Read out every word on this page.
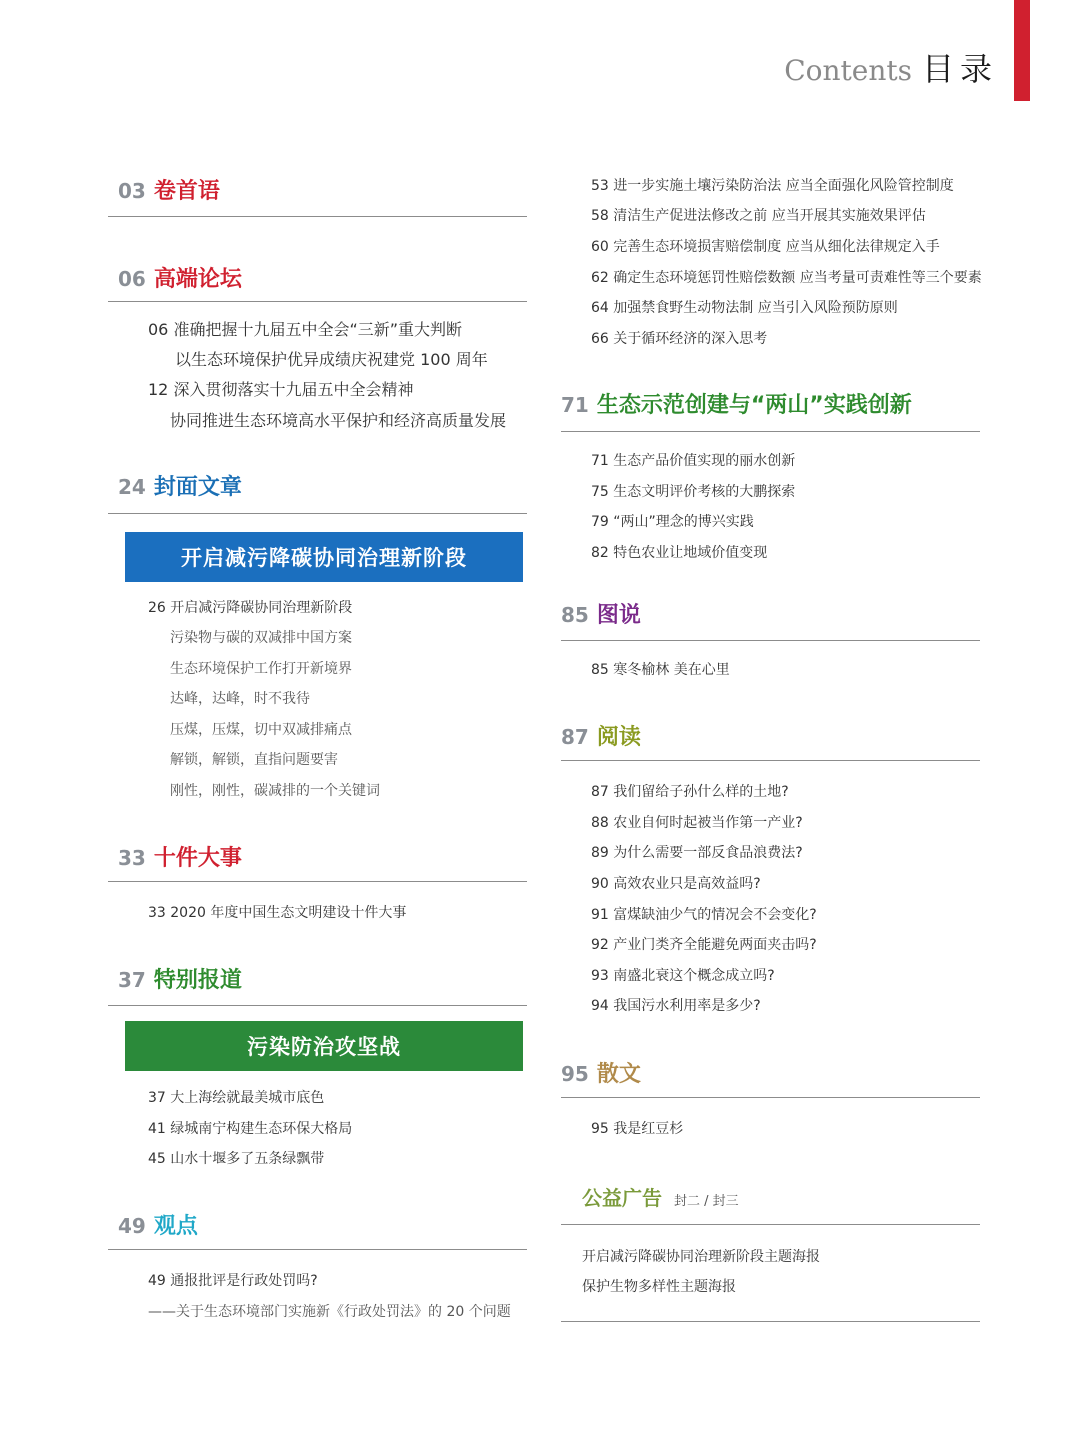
Contents 目录
03 卷首语
06 高端论坛
06 准确把握十九届五中全会“三新”重大判断
以生态环境保护优异成绩庆祝建党 100 周年
12 深入贯彻落实十九届五中全会精神
协同推进生态环境高水平保护和经济高质量发展
24 封面文章
开启减污降碳协同治理新阶段
26 开启减污降碳协同治理新阶段
污染物与碳的双减排中国方案
生态环境保护工作打开新境界
达峰，达峰，时不我待
压煤，压煤，切中双减排痛点
解锁，解锁，直指问题要害
刚性，刚性，碳减排的一个关键词
33 十件大事
33 2020 年度中国生态文明建设十件大事
37 特别报道
污染防治攻坚战
37 大上海绘就最美城市底色
41 绿城南宁构建生态环保大格局
45 山水十堰多了五条绿飘带
49 观点
49 通报批评是行政处罚吗?
——关于生态环境部门实施新《行政处罚法》的 20 个问题
53 进一步实施土壤污染防治法 应当全面强化风险管控制度
58 清洁生产促进法修改之前 应当开展其实施效果评估
60 完善生态环境损害赔偿制度 应当从细化法律规定入手
62 确定生态环境惩罚性赔偿数额 应当考量可责难性等三个要素
64 加强禁食野生动物法制 应当引入风险预防原则
66 关于循环经济的深入思考
71 生态示范创建与“两山”实践创新
71 生态产品价值实现的丽水创新
75 生态文明评价考核的大鹏探索
79 “两山”理念的博兴实践
82 特色农业让地域价值变现
85 图说
85 寒冬榆林 美在心里
87 阅读
87 我们留给子孙什么样的土地?
88 农业自何时起被当作第一产业?
89 为什么需要一部反食品浪费法?
90 高效农业只是高效益吗?
91 富煤缺油少气的情况会不会变化?
92 产业门类齐全能避免两面夹击吗?
93 南盛北衰这个概念成立吗?
94 我国污水利用率是多少?
95 散文
95 我是红豆杉
公益广告 封二 / 封三
开启减污降碳协同治理新阶段主题海报
保护生物多样性主题海报
